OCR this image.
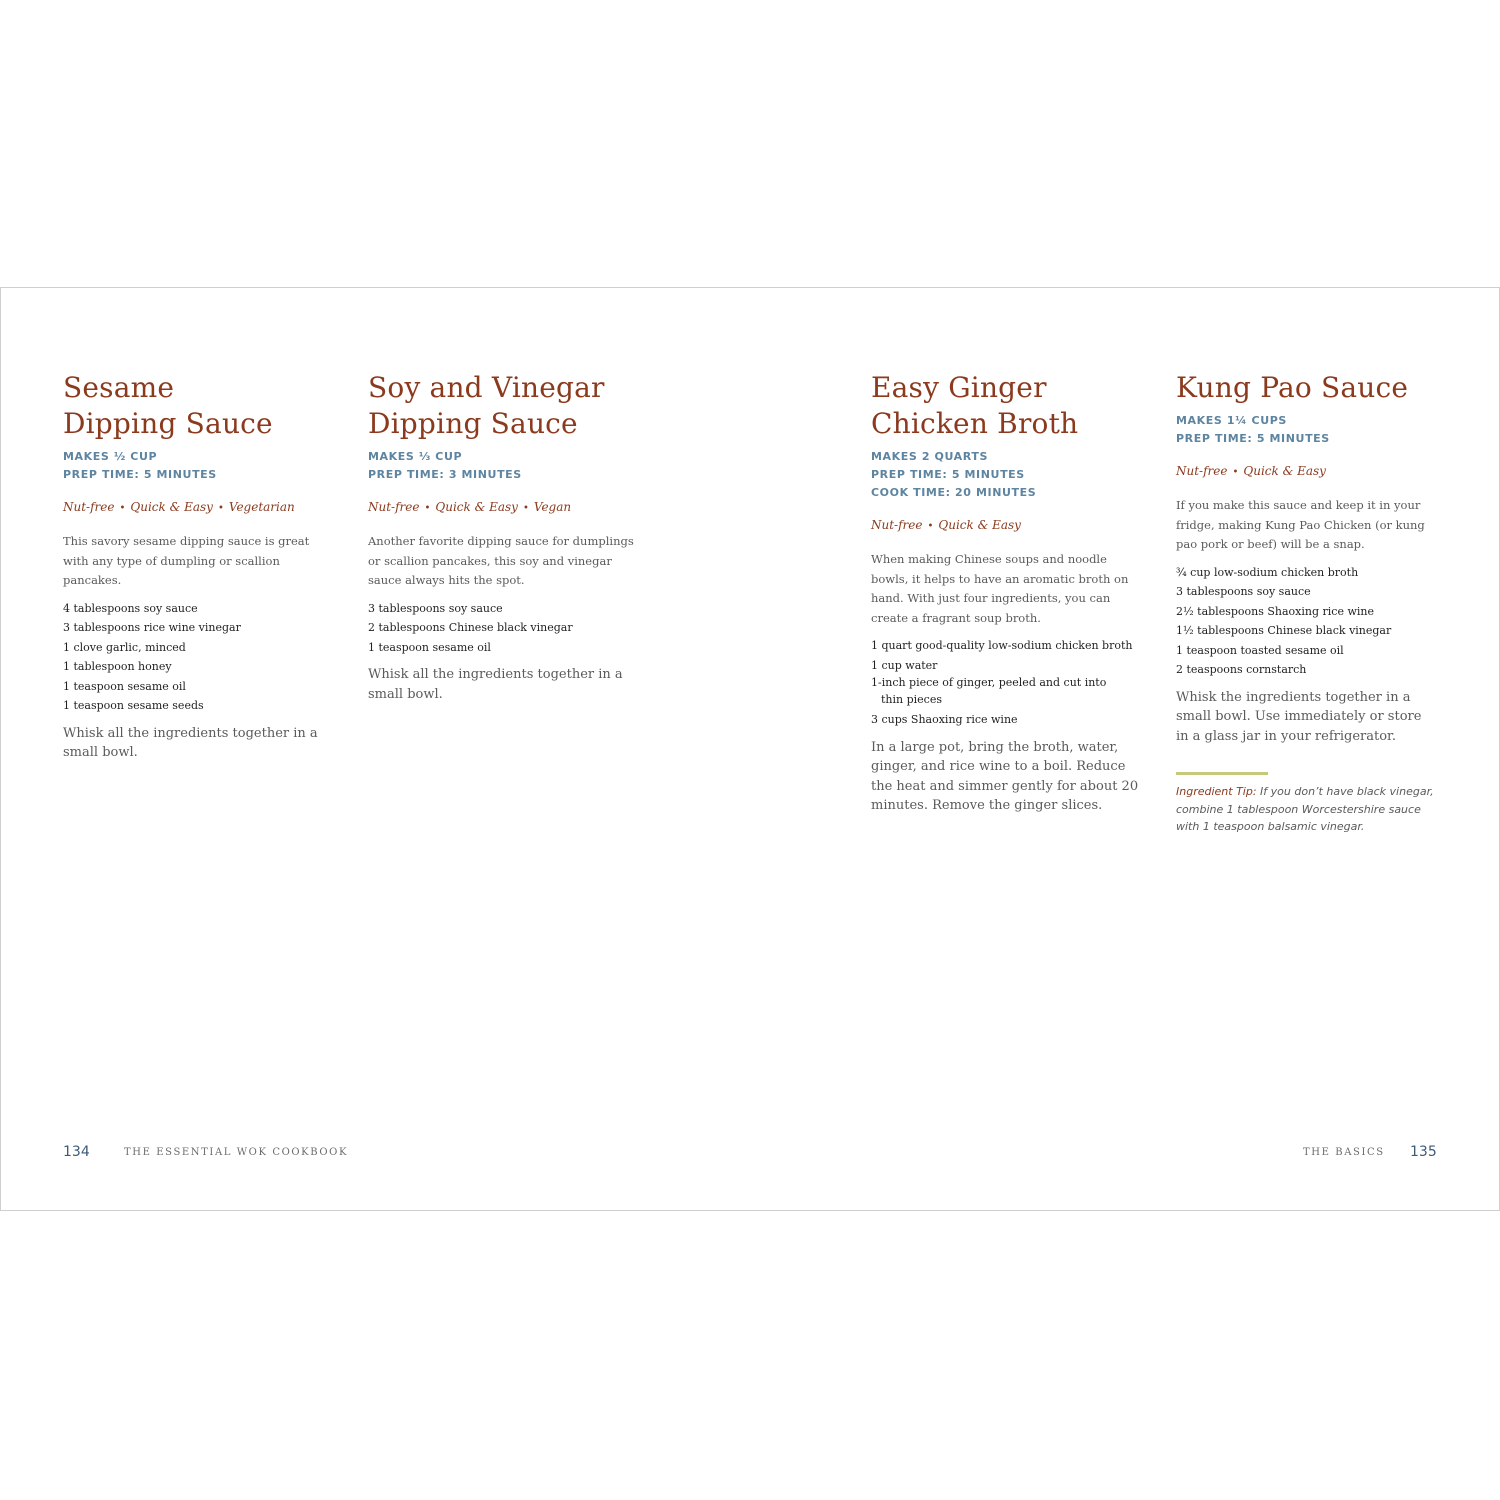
Sesame
Dipping Sauce
MAKES ½ CUP
PREP TIME: 5 MINUTES
Nut-free • Quick & Easy • Vegetarian

This savory sesame dipping sauce is great with any type of dumpling or scallion pancakes.

4 tablespoons soy sauce
3 tablespoons rice wine vinegar
1 clove garlic, minced
1 tablespoon honey
1 teaspoon sesame oil
1 teaspoon sesame seeds

Whisk all the ingredients together in a small bowl.

Soy and Vinegar
Dipping Sauce
MAKES ⅓ CUP
PREP TIME: 3 MINUTES
Nut-free • Quick & Easy • Vegan

Another favorite dipping sauce for dumplings or scallion pancakes, this soy and vinegar sauce always hits the spot.

3 tablespoons soy sauce
2 tablespoons Chinese black vinegar
1 teaspoon sesame oil

Whisk all the ingredients together in a small bowl.

Easy Ginger
Chicken Broth
MAKES 2 QUARTS
PREP TIME: 5 MINUTES
COOK TIME: 20 MINUTES
Nut-free • Quick & Easy

When making Chinese soups and noodle bowls, it helps to have an aromatic broth on hand. With just four ingredients, you can create a fragrant soup broth.

1 quart good-quality low-sodium chicken broth
1 cup water
1-inch piece of ginger, peeled and cut into
thin pieces
3 cups Shaoxing rice wine

In a large pot, bring the broth, water, ginger, and rice wine to a boil. Reduce the heat and simmer gently for about 20 minutes. Remove the ginger slices.

Kung Pao Sauce
MAKES 1¼ CUPS
PREP TIME: 5 MINUTES
Nut-free • Quick & Easy

If you make this sauce and keep it in your fridge, making Kung Pao Chicken (or kung pao pork or beef) will be a snap.

¾ cup low-sodium chicken broth
3 tablespoons soy sauce
2½ tablespoons Shaoxing rice wine
1½ tablespoons Chinese black vinegar
1 teaspoon toasted sesame oil
2 teaspoons cornstarch

Whisk the ingredients together in a small bowl. Use immediately or store in a glass jar in your refrigerator.

Ingredient Tip: If you don’t have black vinegar, combine 1 tablespoon Worcestershire sauce with 1 teaspoon balsamic vinegar.
134	THE ESSENTIAL WOK COOKBOOK	THE BASICS 135
